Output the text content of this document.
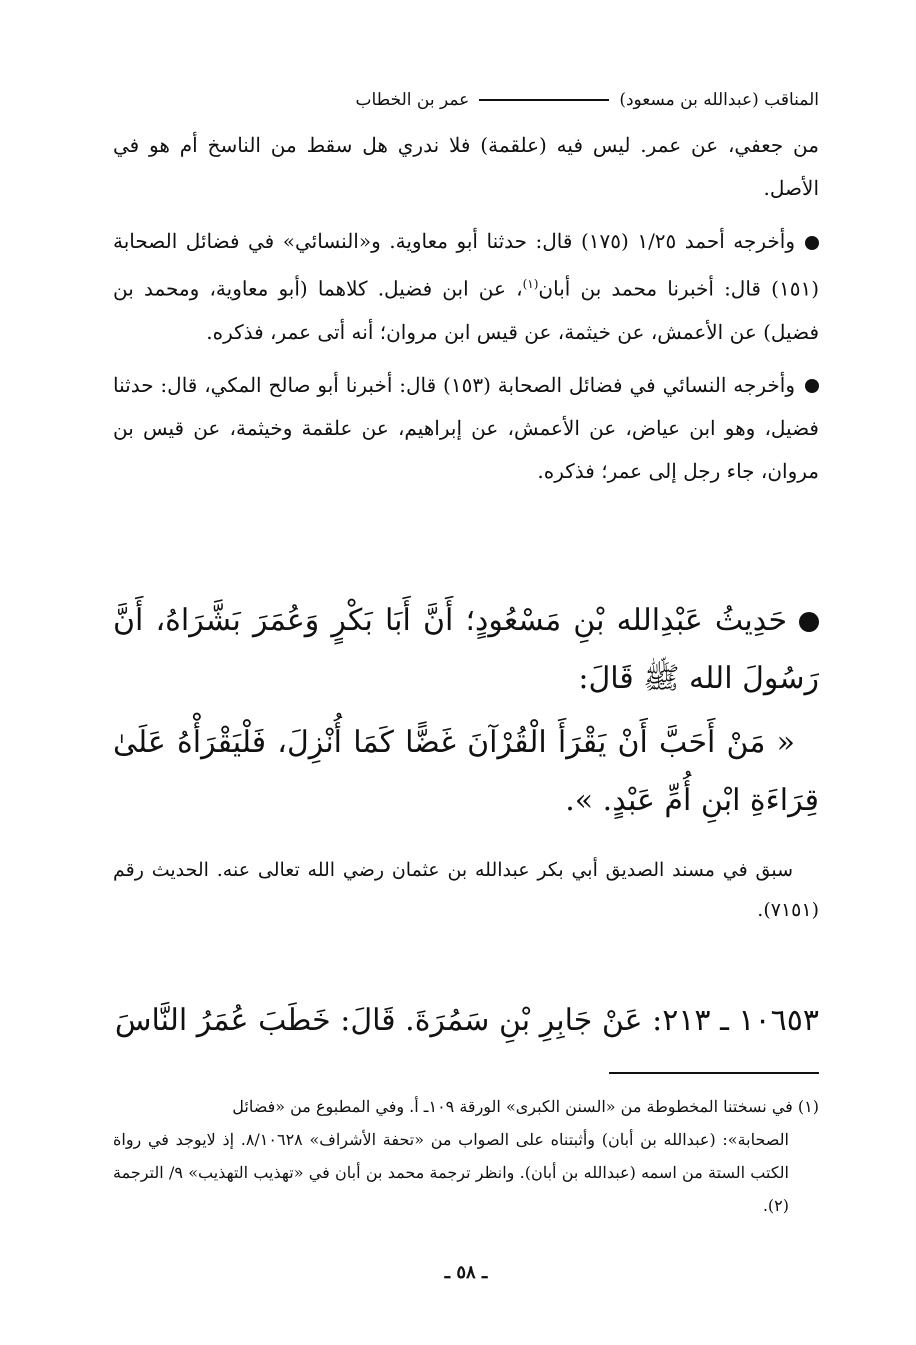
المناقب (عبدالله بن مسعود)
عمر بن الخطاب

من جعفي، عن عمر. ليس فيه (علقمة) فلا ندري هل سقط من الناسخ أم هو في الأصل.

وأخرجه أحمد ١/٢٥ (١٧٥) قال: حدثنا أبو معاوية. و«النسائي» في فضائل الصحابة (١٥١) قال: أخبرنا محمد بن أبان$^{(١)}$، عن ابن فضيل. كلاهما (أبو معاوية، ومحمد بن فضيل) عن الأعمش، عن خيثمة، عن قيس ابن مروان؛ أنه أتى عمر، فذكره.

وأخرجه النسائي في فضائل الصحابة (١٥٣) قال: أخبرنا أبو صالح المكي، قال: حدثنا فضيل، وهو ابن عياض، عن الأعمش، عن إبراهيم، عن علقمة وخيثمة، عن قيس بن مروان، جاء رجل إلى عمر؛ فذكره.

حَدِيثُ عَبْدِالله بْنِ مَسْعُودٍ؛ أَنَّ أَبَا بَكْرٍ وَعُمَرَ بَشَّرَاهُ، أَنَّ رَسُولَ الله ﷺ قَالَ:

« مَنْ أَحَبَّ أَنْ يَقْرَأَ الْقُرْآنَ غَضًّا كَمَا أُنْزِلَ، فَلْيَقْرَأْهُ عَلَىٰ قِرَاءَةِ ابْنِ أُمِّ عَبْدٍ. ».

سبق في مسند الصديق أبي بكر عبدالله بن عثمان رضي الله تعالى عنه. الحديث رقم (٧١٥١).

١٠٦٥٣ ـ ٢١٣: عَنْ جَابِرِ بْنِ سَمُرَةَ. قَالَ: خَطَبَ عُمَرُ النَّاسَ

(١) في نسختنا المخطوطة من «السنن الكبرى» الورقة ١٠٩ـ أ. وفي المطبوع من «فضائل

الصحابة»: (عبدالله بن أبان) وأثبتناه على الصواب من «تحفة الأشراف» ٨/١٠٦٢٨. إذ لايوجد في رواة الكتب الستة من اسمه (عبدالله بن أبان). وانظر ترجمة محمد بن أبان في «تهذيب التهذيب» ٩/ الترجمة (٢).

ـ ٥٨ ـ
